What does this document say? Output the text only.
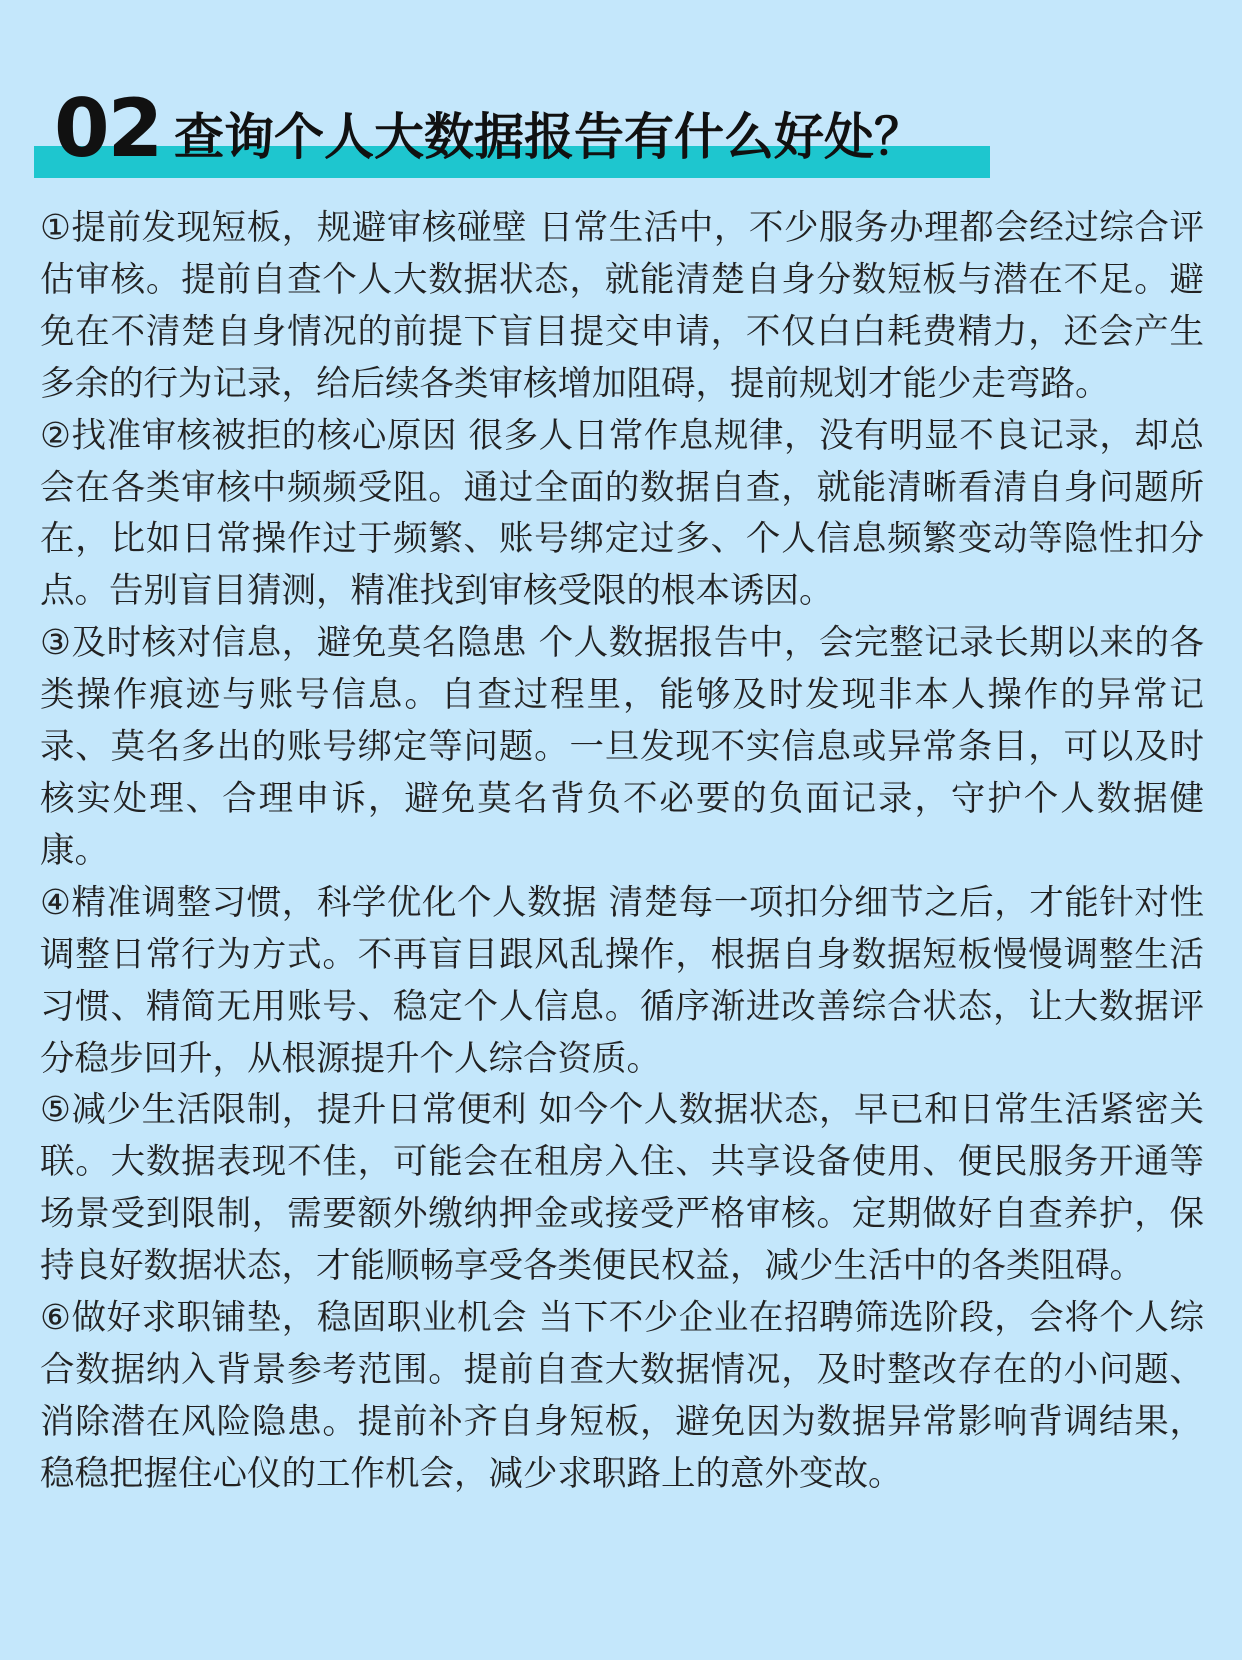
02 查询个人大数据报告有什么好处？

①提前发现短板，规避审核碰壁 日常生活中，不少服务办理都会经过综合评估审核。提前自查个人大数据状态，就能清楚自身分数短板与潜在不足。避免在不清楚自身情况的前提下盲目提交申请，不仅白白耗费精力，还会产生多余的行为记录，给后续各类审核增加阻碍，提前规划才能少走弯路。

②找准审核被拒的核心原因 很多人日常作息规律，没有明显不良记录，却总会在各类审核中频频受阻。通过全面的数据自查，就能清晰看清自身问题所在，比如日常操作过于频繁、账号绑定过多、个人信息频繁变动等隐性扣分点。告别盲目猜测，精准找到审核受限的根本诱因。

③及时核对信息，避免莫名隐患 个人数据报告中，会完整记录长期以来的各类操作痕迹与账号信息。自查过程里，能够及时发现非本人操作的异常记录、莫名多出的账号绑定等问题。一旦发现不实信息或异常条目，可以及时核实处理、合理申诉，避免莫名背负不必要的负面记录，守护个人数据健康。

④精准调整习惯，科学优化个人数据 清楚每一项扣分细节之后，才能针对性调整日常行为方式。不再盲目跟风乱操作，根据自身数据短板慢慢调整生活习惯、精简无用账号、稳定个人信息。循序渐进改善综合状态，让大数据评分稳步回升，从根源提升个人综合资质。

⑤减少生活限制，提升日常便利 如今个人数据状态，早已和日常生活紧密关联。大数据表现不佳，可能会在租房入住、共享设备使用、便民服务开通等场景受到限制，需要额外缴纳押金或接受严格审核。定期做好自查养护，保持良好数据状态，才能顺畅享受各类便民权益，减少生活中的各类阻碍。

⑥做好求职铺垫，稳固职业机会 当下不少企业在招聘筛选阶段，会将个人综合数据纳入背景参考范围。提前自查大数据情况，及时整改存在的小问题、消除潜在风险隐患。提前补齐自身短板，避免因为数据异常影响背调结果，稳稳把握住心仪的工作机会，减少求职路上的意外变故。
